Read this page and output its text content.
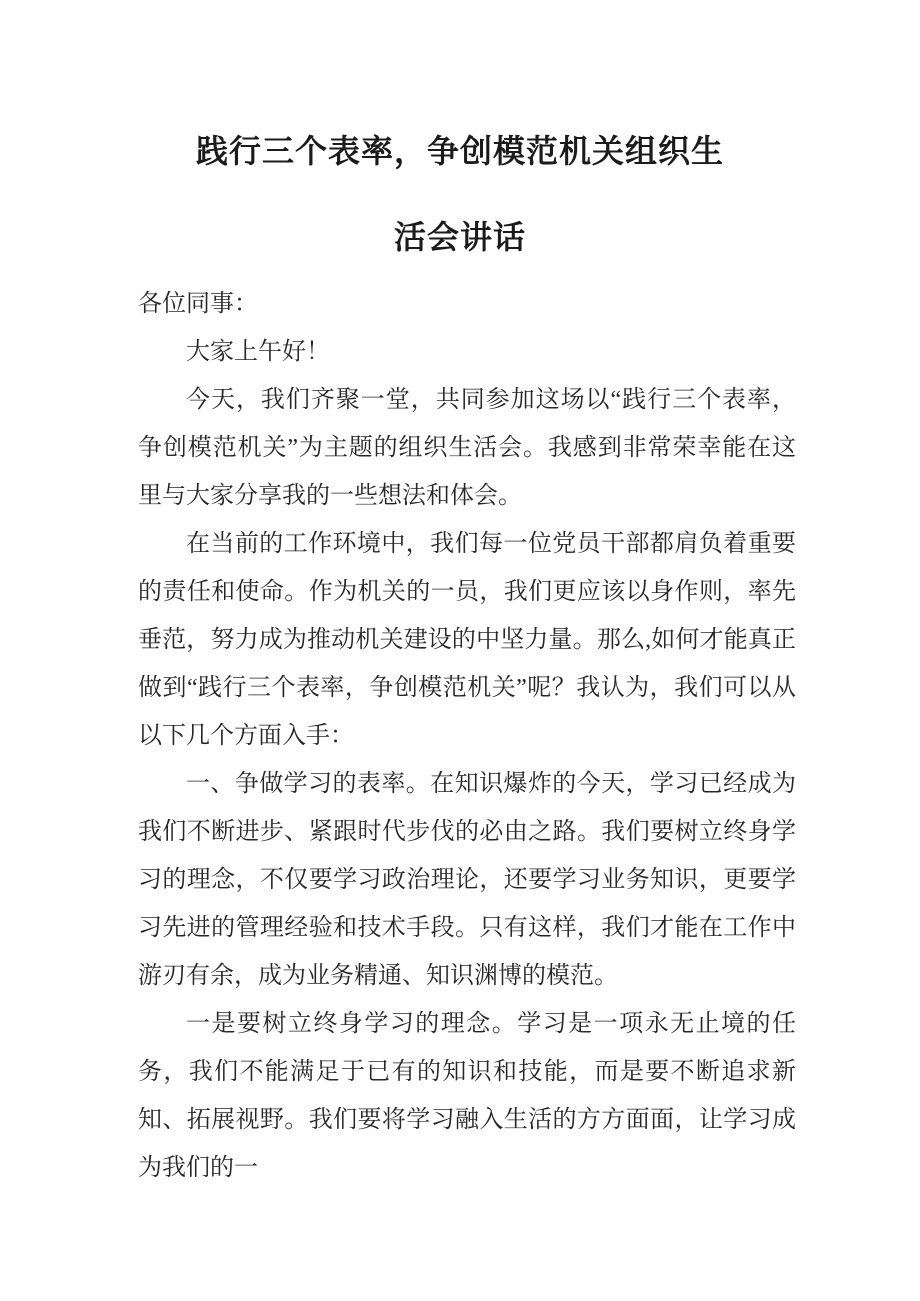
践行三个表率，争创模范机关组织生
活会讲话

各位同事：

大家上午好！

今天，我们齐聚一堂，共同参加这场以“践行三个表率，争创模范机关”为主题的组织生活会。我感到非常荣幸能在这里与大家分享我的一些想法和体会。

在当前的工作环境中，我们每一位党员干部都肩负着重要的责任和使命。作为机关的一员，我们更应该以身作则，率先垂范，努力成为推动机关建设的中坚力量。那么,如何才能真正做到“践行三个表率，争创模范机关”呢？我认为，我们可以从以下几个方面入手：

一、争做学习的表率。在知识爆炸的今天，学习已经成为我们不断进步、紧跟时代步伐的必由之路。我们要树立终身学习的理念，不仅要学习政治理论，还要学习业务知识，更要学习先进的管理经验和技术手段。只有这样，我们才能在工作中游刃有余，成为业务精通、知识渊博的模范。

一是要树立终身学习的理念。学习是一项永无止境的任务，我们不能满足于已有的知识和技能，而是要不断追求新知、拓展视野。我们要将学习融入生活的方方面面，让学习成为我们的一
